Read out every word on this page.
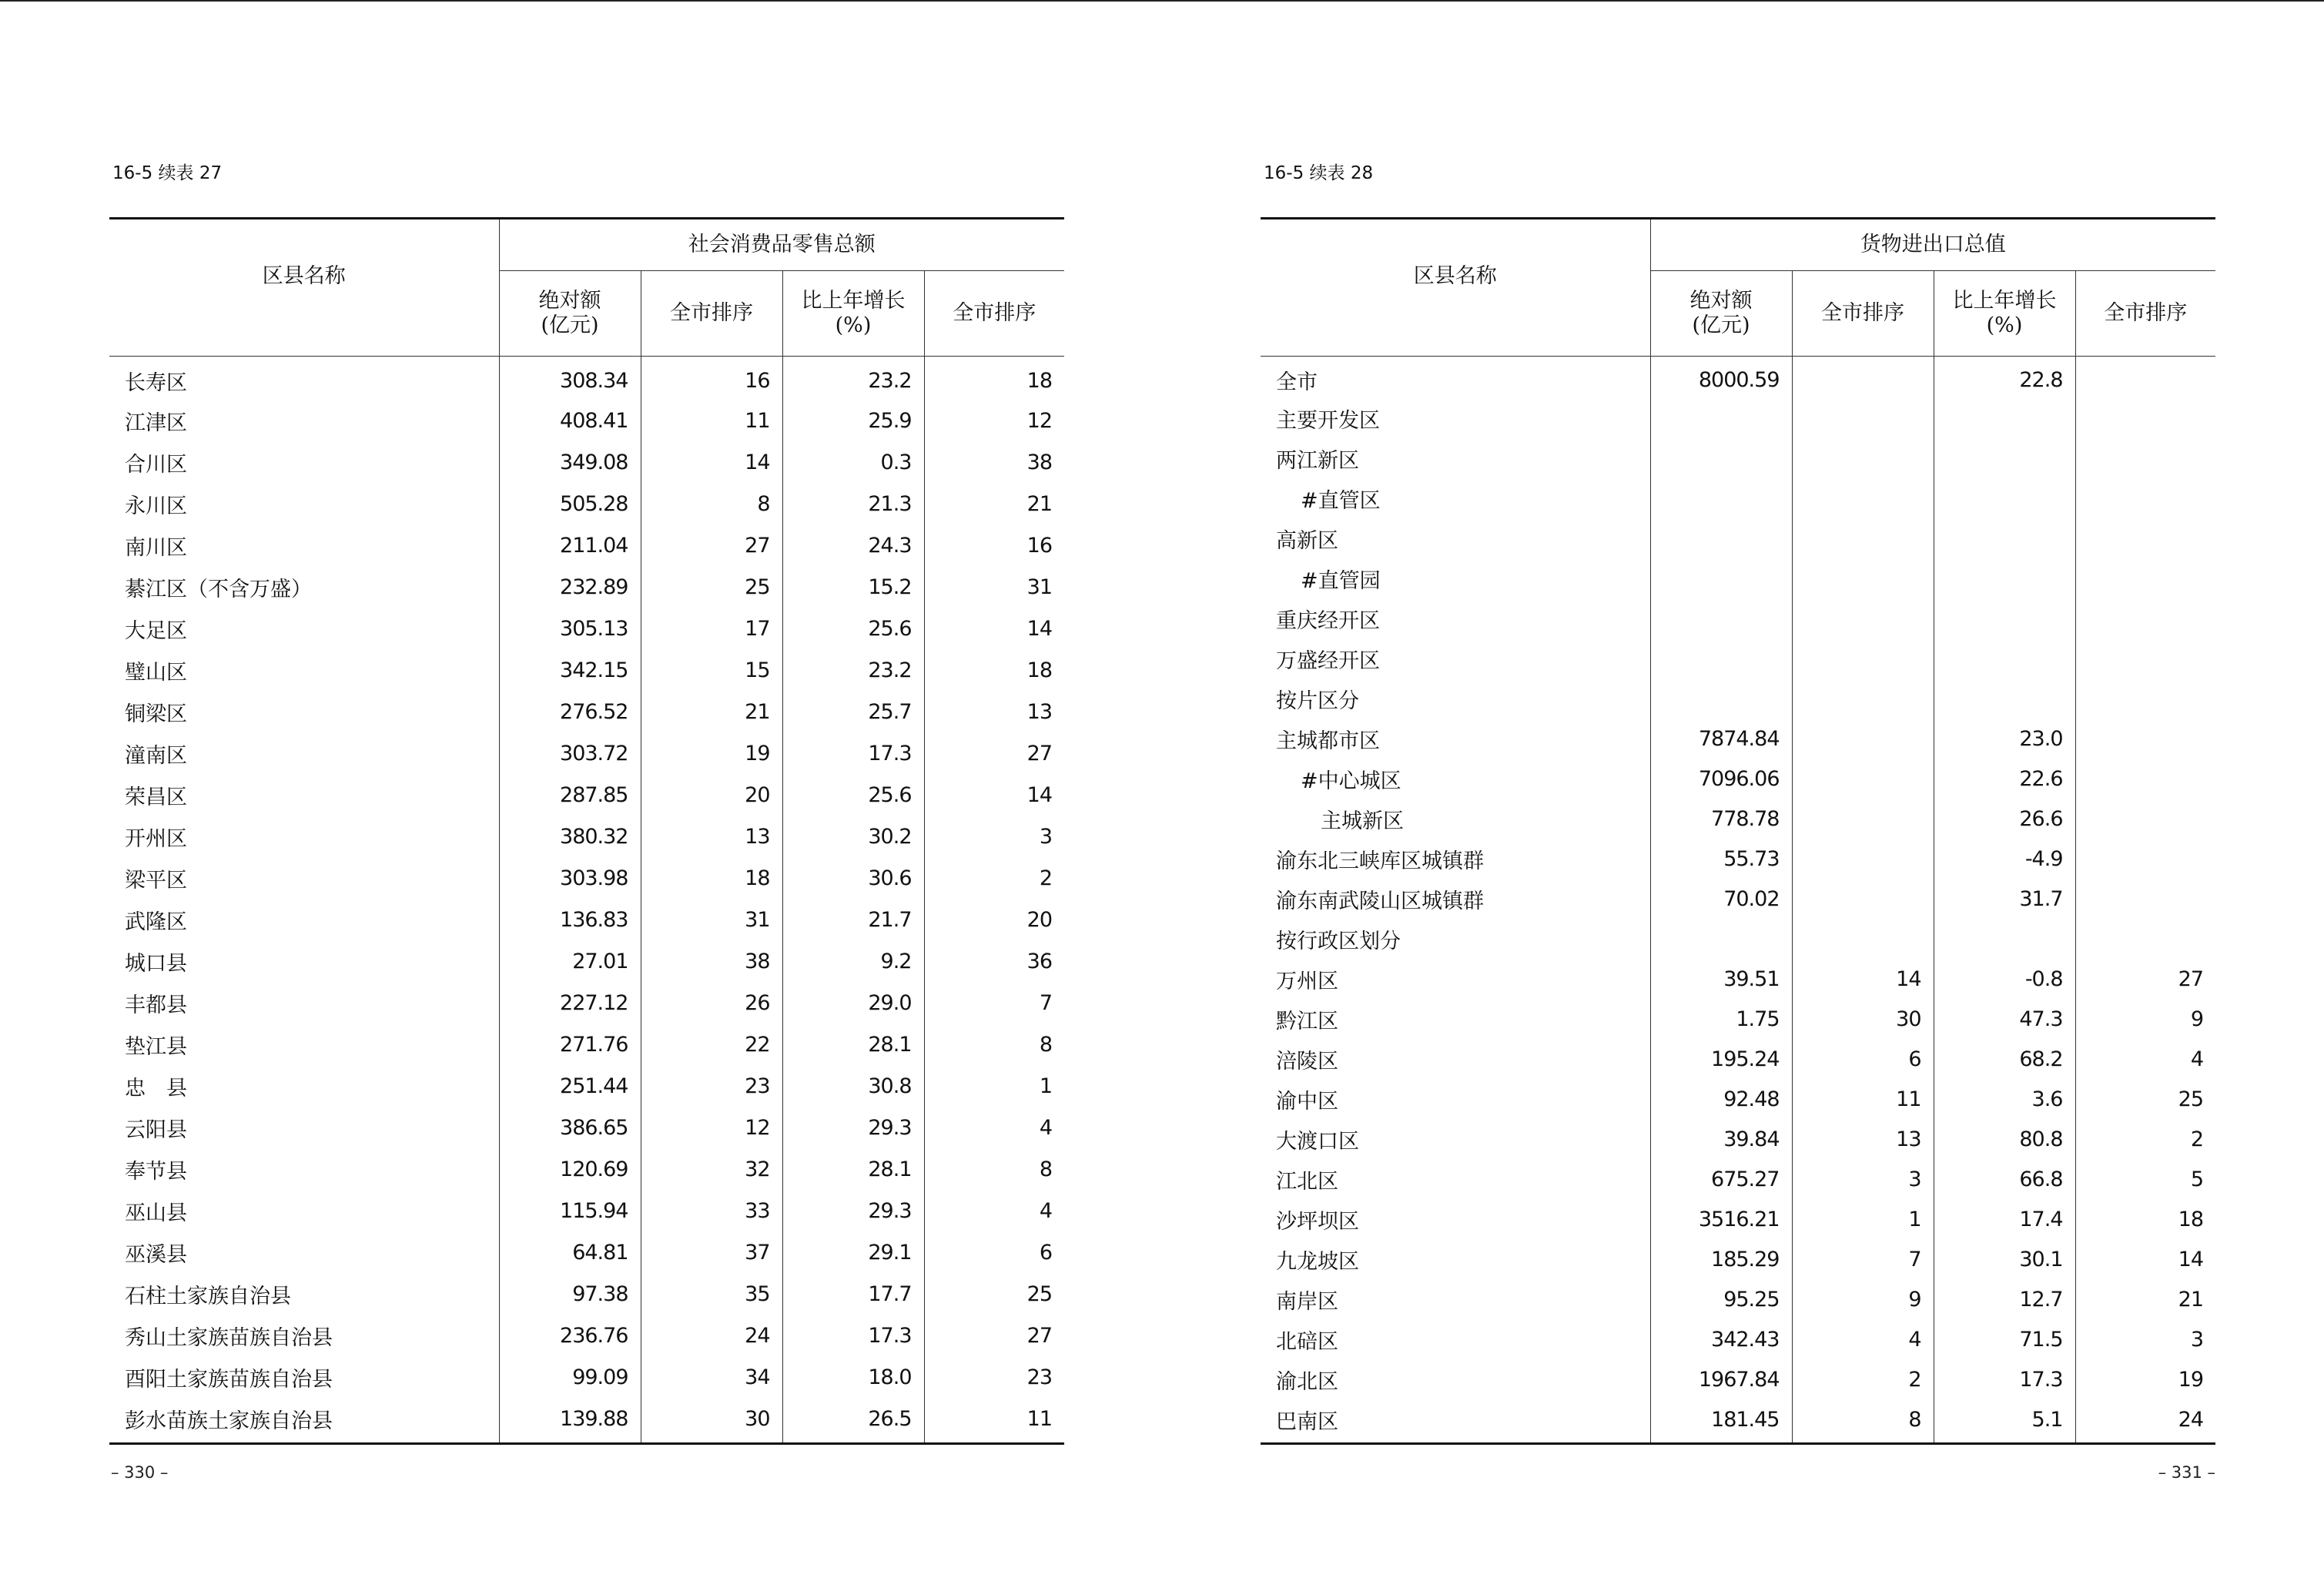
16-5 续表 27
区县名称	社会消费品零售总额			
	绝对额
(亿元)	全市排序	比上年增长
(%)	全市排序
长寿区	308.34	16	23.2	18
江津区	408.41	11	25.9	12
合川区	349.08	14	0.3	38
永川区	505.28	8	21.3	21
南川区	211.04	27	24.3	16
綦江区（不含万盛）	232.89	25	15.2	31
大足区	305.13	17	25.6	14
璧山区	342.15	15	23.2	18
铜梁区	276.52	21	25.7	13
潼南区	303.72	19	17.3	27
荣昌区	287.85	20	25.6	14
开州区	380.32	13	30.2	3
梁平区	303.98	18	30.6	2
武隆区	136.83	31	21.7	20
城口县	27.01	38	9.2	36
丰都县	227.12	26	29.0	7
垫江县	271.76	22	28.1	8
忠　县	251.44	23	30.8	1
云阳县	386.65	12	29.3	4
奉节县	120.69	32	28.1	8
巫山县	115.94	33	29.3	4
巫溪县	64.81	37	29.1	6
石柱土家族自治县	97.38	35	17.7	25
秀山土家族苗族自治县	236.76	24	17.3	27
酉阳土家族苗族自治县	99.09	34	18.0	23
彭水苗族土家族自治县	139.88	30	26.5	11
– 330 –
16-5 续表 28
区县名称	货物进出口总值			
	绝对额
(亿元)	全市排序	比上年增长
(%)	全市排序
全市	8000.59		22.8	
主要开发区				
两江新区				
#直管区				
高新区				
#直管园				
重庆经开区				
万盛经开区				
按片区分				
主城都市区	7874.84		23.0	
#中心城区	7096.06		22.6	
主城新区	778.78		26.6	
渝东北三峡库区城镇群	55.73		-4.9	
渝东南武陵山区城镇群	70.02		31.7	
按行政区划分				
万州区	39.51	14	-0.8	27
黔江区	1.75	30	47.3	9
涪陵区	195.24	6	68.2	4
渝中区	92.48	11	3.6	25
大渡口区	39.84	13	80.8	2
江北区	675.27	3	66.8	5
沙坪坝区	3516.21	1	17.4	18
九龙坡区	185.29	7	30.1	14
南岸区	95.25	9	12.7	21
北碚区	342.43	4	71.5	3
渝北区	1967.84	2	17.3	19
巴南区	181.45	8	5.1	24
– 331 –
